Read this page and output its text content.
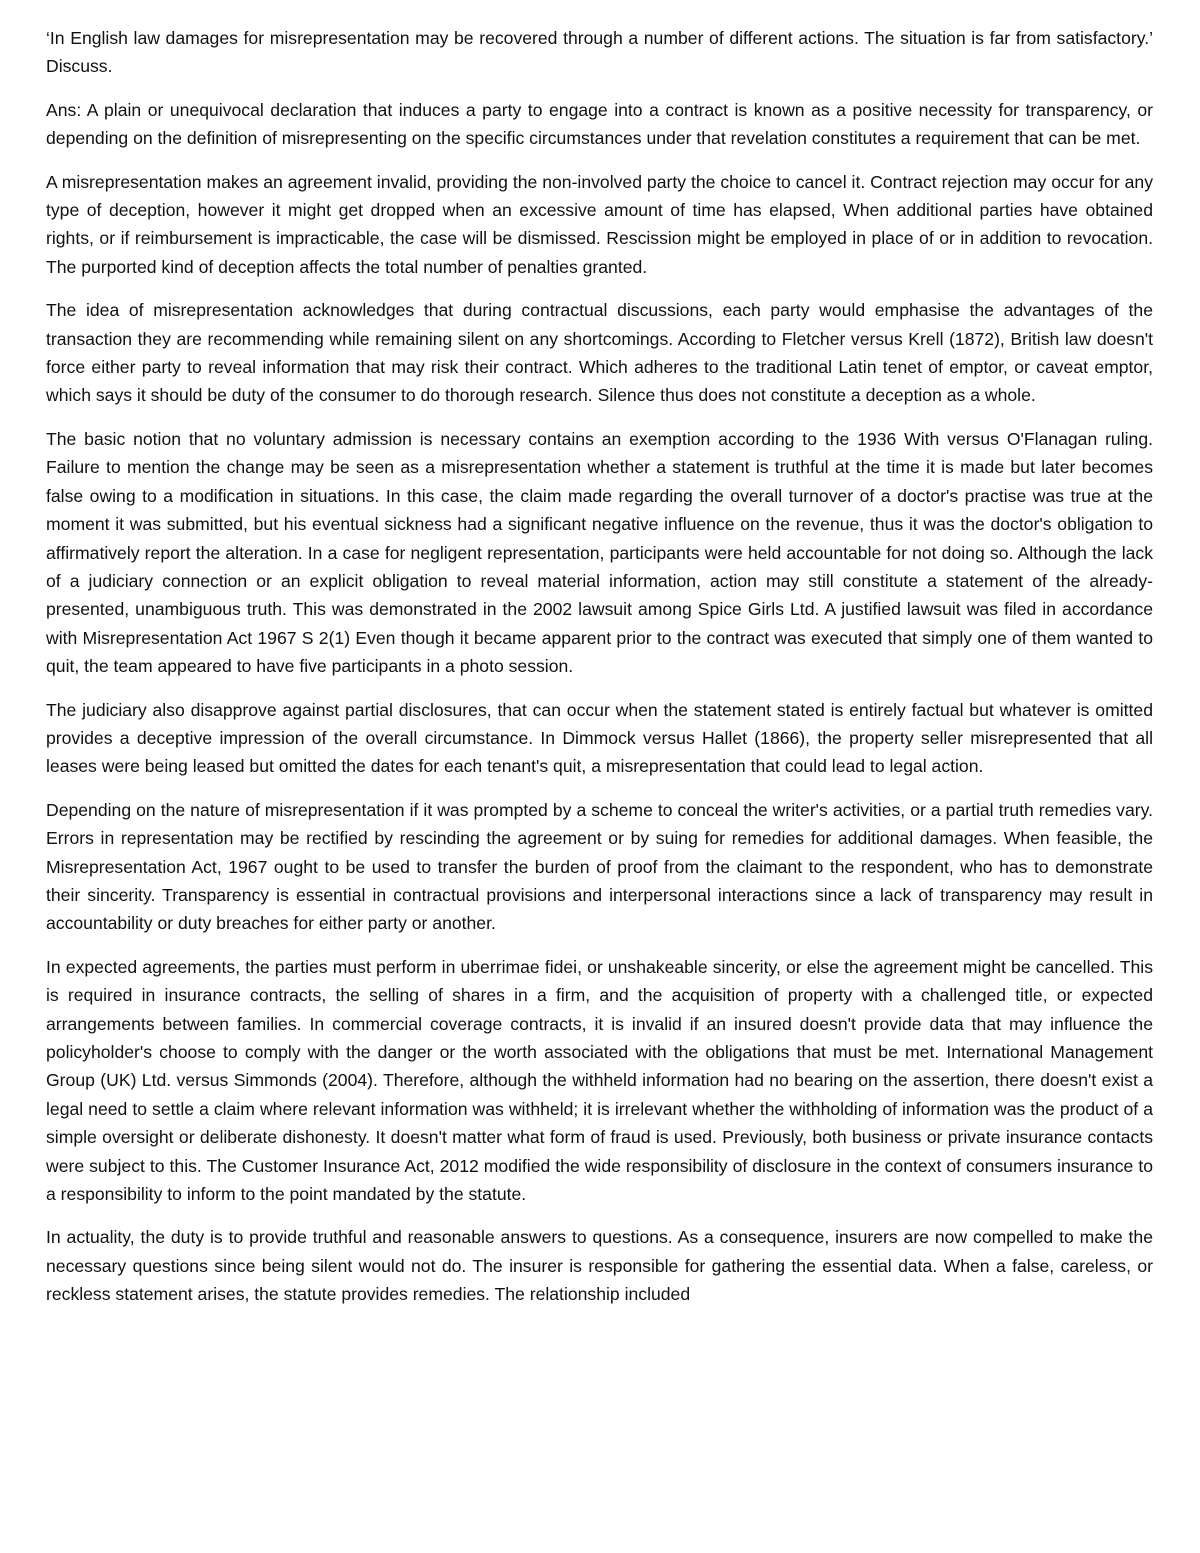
‘In English law damages for misrepresentation may be recovered through a number of different actions. The situation is far from satisfactory.’ Discuss.

Ans: A plain or unequivocal declaration that induces a party to engage into a contract is known as a positive necessity for transparency, or depending on the definition of misrepresenting on the specific circumstances under that revelation constitutes a requirement that can be met.

A misrepresentation makes an agreement invalid, providing the non-involved party the choice to cancel it. Contract rejection may occur for any type of deception, however it might get dropped when an excessive amount of time has elapsed, When additional parties have obtained rights, or if reimbursement is impracticable, the case will be dismissed. Rescission might be employed in place of or in addition to revocation. The purported kind of deception affects the total number of penalties granted.

The idea of misrepresentation acknowledges that during contractual discussions, each party would emphasise the advantages of the transaction they are recommending while remaining silent on any shortcomings. According to Fletcher versus Krell (1872), British law doesn't force either party to reveal information that may risk their contract. Which adheres to the traditional Latin tenet of emptor, or caveat emptor, which says it should be duty of the consumer to do thorough research. Silence thus does not constitute a deception as a whole.

The basic notion that no voluntary admission is necessary contains an exemption according to the 1936 With versus O'Flanagan ruling. Failure to mention the change may be seen as a misrepresentation whether a statement is truthful at the time it is made but later becomes false owing to a modification in situations. In this case, the claim made regarding the overall turnover of a doctor's practise was true at the moment it was submitted, but his eventual sickness had a significant negative influence on the revenue, thus it was the doctor's obligation to affirmatively report the alteration. In a case for negligent representation, participants were held accountable for not doing so. Although the lack of a judiciary connection or an explicit obligation to reveal material information, action may still constitute a statement of the already-presented, unambiguous truth. This was demonstrated in the 2002 lawsuit among Spice Girls Ltd. A justified lawsuit was filed in accordance with Misrepresentation Act 1967 S 2(1) Even though it became apparent prior to the contract was executed that simply one of them wanted to quit, the team appeared to have five participants in a photo session.

The judiciary also disapprove against partial disclosures, that can occur when the statement stated is entirely factual but whatever is omitted provides a deceptive impression of the overall circumstance. In Dimmock versus Hallet (1866), the property seller misrepresented that all leases were being leased but omitted the dates for each tenant's quit, a misrepresentation that could lead to legal action.

Depending on the nature of misrepresentation if it was prompted by a scheme to conceal the writer's activities, or a partial truth remedies vary. Errors in representation may be rectified by rescinding the agreement or by suing for remedies for additional damages. When feasible, the Misrepresentation Act, 1967 ought to be used to transfer the burden of proof from the claimant to the respondent, who has to demonstrate their sincerity. Transparency is essential in contractual provisions and interpersonal interactions since a lack of transparency may result in accountability or duty breaches for either party or another.

In expected agreements, the parties must perform in uberrimae fidei, or unshakeable sincerity, or else the agreement might be cancelled. This is required in insurance contracts, the selling of shares in a firm, and the acquisition of property with a challenged title, or expected arrangements between families. In commercial coverage contracts, it is invalid if an insured doesn't provide data that may influence the policyholder's choose to comply with the danger or the worth associated with the obligations that must be met. International Management Group (UK) Ltd. versus Simmonds (2004). Therefore, although the withheld information had no bearing on the assertion, there doesn't exist a legal need to settle a claim where relevant information was withheld; it is irrelevant whether the withholding of information was the product of a simple oversight or deliberate dishonesty. It doesn't matter what form of fraud is used. Previously, both business or private insurance contacts were subject to this. The Customer Insurance Act, 2012 modified the wide responsibility of disclosure in the context of consumers insurance to a responsibility to inform to the point mandated by the statute.

In actuality, the duty is to provide truthful and reasonable answers to questions. As a consequence, insurers are now compelled to make the necessary questions since being silent would not do. The insurer is responsible for gathering the essential data. When a false, careless, or reckless statement arises, the statute provides remedies. The relationship included
